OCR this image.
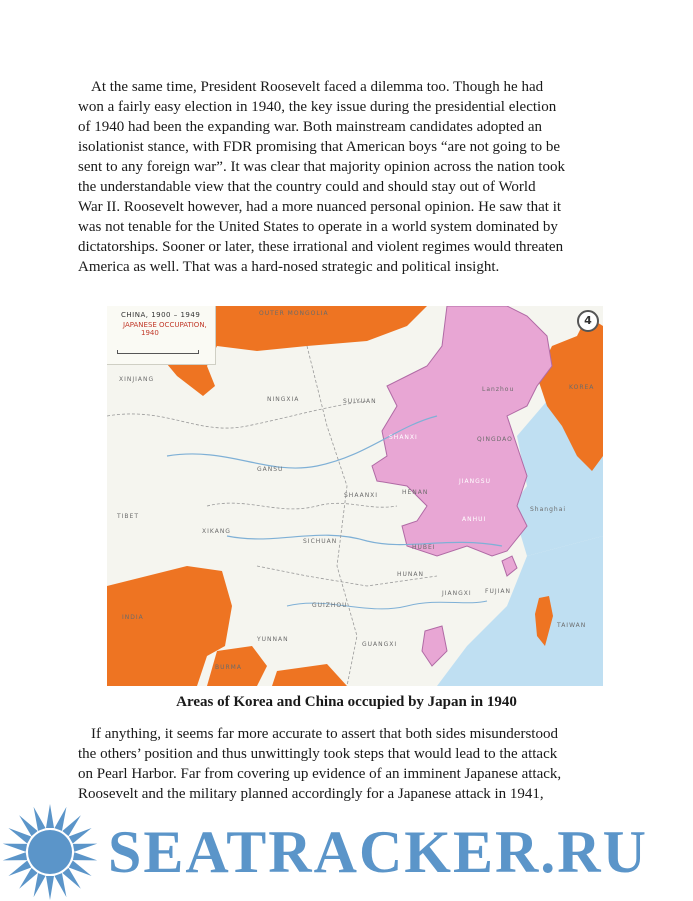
At the same time, President Roosevelt faced a dilemma too. Though he had
won a fairly easy election in 1940, the key issue during the presidential election
of 1940 had been the expanding war. Both mainstream candidates adopted an
isolationist stance, with FDR promising that American boys “are not going to be
sent to any foreign war”. It was clear that majority opinion across the nation took
the understandable view that the country could and should stay out of World
War II. Roosevelt however, had a more nuanced personal opinion. He saw that it
was not tenable for the United States to operate in a world system dominated by
dictatorships. Sooner or later, these irrational and violent regimes would threaten
America as well. That was a hard-nosed strategic and political insight.

CHINA, 1900 – 1949
JAPANESE OCCUPATION,
1940
4
OUTER MONGOLIA
XINJIANG
NINGXIA	SUIYUAN
SHANXI
SHAANXI	HENAN
GANSU
TIBET
XIKANG
SICHUAN
HUBEI
HUNAN
JIANGXI
GUIZHOU
YUNNAN
GUANGXI
FUJIAN
JIANGSU
ANHUI
INDIA
BURMA
TAIWAN
KOREA
QINGDAO
Shanghai
Lanzhou
Areas of Korea and China occupied by Japan in 1940

If anything, it seems far more accurate to assert that both sides misunderstood
the others’ position and thus unwittingly took steps that would lead to the attack
on Pearl Harbor. Far from covering up evidence of an imminent Japanese attack,
Roosevelt and the military planned accordingly for a Japanese attack in 1941,

SEATRACKER.RU
